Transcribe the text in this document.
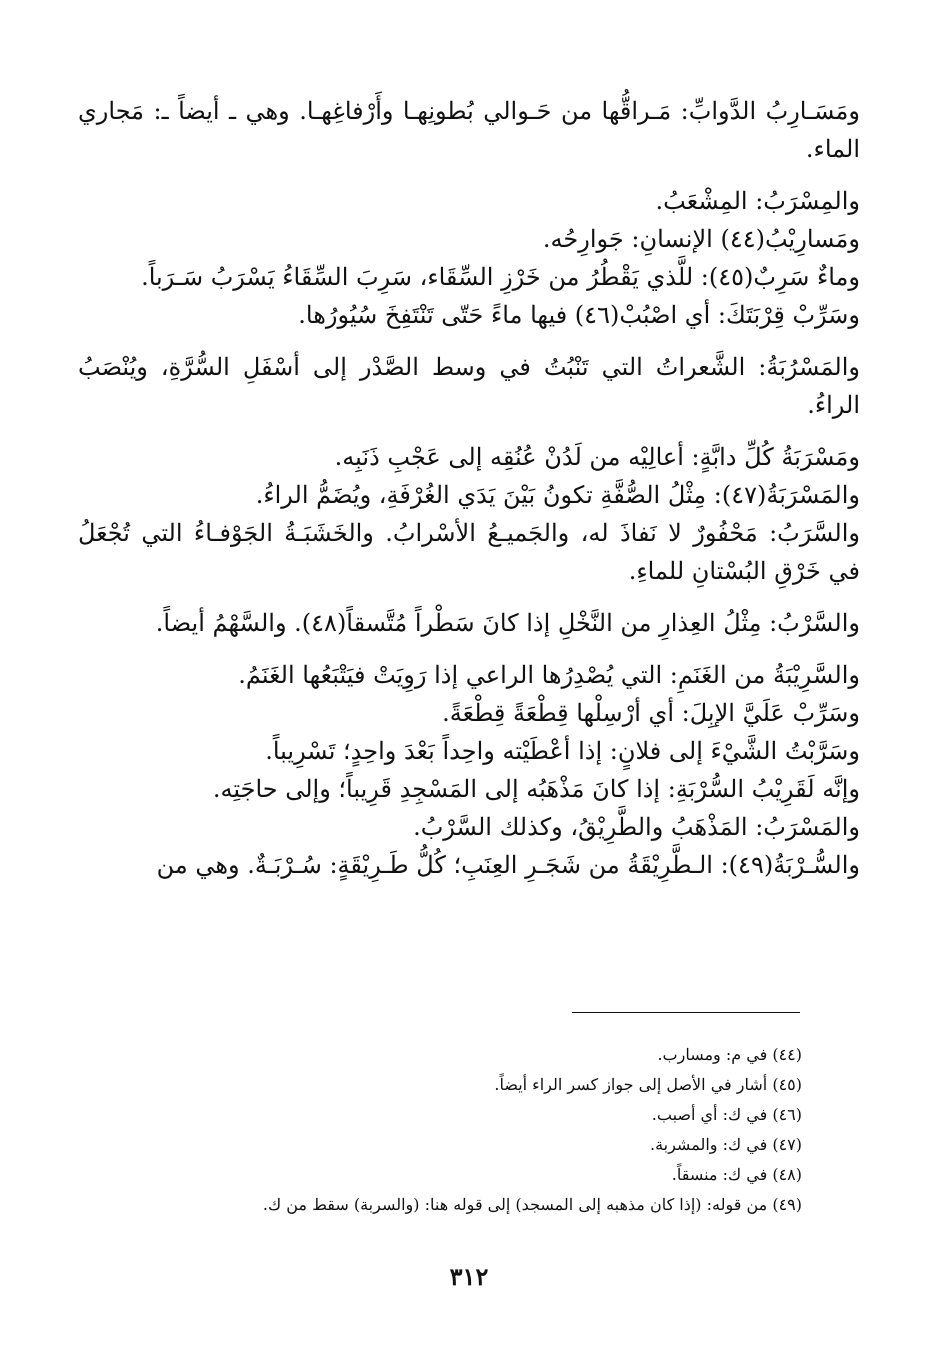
ومَسَـارِبُ الدَّوابِّ: مَـراقُّها من حَـوالي بُطونِهـا وأَرْفاغِهـا. وهي ـ أيضاً ـ: مَجاري الماء.

والمِسْرَبُ: المِشْعَبُ.

ومَسارِيْبُ(٤٤) الإنسانِ: جَوارِحُه.

وماءٌ سَرِبٌ(٤٥): للَّذي يَقْطُرُ من خَرْزِ السِّقَاء، سَرِبَ السِّقَاءُ يَسْرَبُ سَـرَباً.

وسَرِّبْ قِرْبَتَكَ: أي اصْبُبْ(٤٦) فيها ماءً حَتّى تَنْتَفِخَ سُيُورُها.

والمَسْرُبَةُ: الشَّعراتُ التي تَنْبُتُ في وسط الصَّدْر إلى أسْفَلِ السُّرَّةِ، ويُنْصَبُ الراءُ.

ومَسْرَبَةُ كُلِّ دابَّةٍ: أعالِيْه من لَدُنْ عُنُقِه إلى عَجْبِ ذَنَبِه.

والمَسْرَبَةُ(٤٧): مِثْلُ الصُّفَّةِ تكونُ بَيْنَ يَدَي الغُرْفَةِ، ويُضَمُّ الراءُ.

والسَّرَبُ: مَحْفُورٌ لا نَفاذَ له، والجَميـعُ الأسْرابُ. والخَشَبَـةُ الجَوْفـاءُ التي تُجْعَلُ في خَرْقِ البُسْتانِ للماءِ.

والسَّرْبُ: مِثْلُ العِذارِ من النَّخْلِ إذا كانَ سَطْراً مُتَّسقاً(٤٨). والسَّهْمُ أيضاً.

والسَّرِيْبَةُ من الغَنَمِ: التي يُصْدِرُها الراعي إذا رَوِيَتْ فيَتْبَعُها الغَنَمُ.

وسَرِّبْ عَلَيَّ الإبِلَ: أي أرْسِلْها قِطْعَةً قِطْعَةً.

وسَرَّبْتُ الشَّيْءَ إلى فلانٍ: إذا أعْطَيْته واحِداً بَعْدَ واحِدٍ؛ تَسْرِيباً.

وإنَّه لَقَرِيْبُ السُّرْبَةِ: إذا كانَ مَذْهَبُه إلى المَسْجِدِ قَرِيباً؛ وإلى حاجَتِه.

والمَسْرَبُ: المَذْهَبُ والطَّرِيْقُ، وكذلك السَّرْبُ.

والسُّـرْبَةُ(٤٩): الـطَّرِيْقَةُ من شَجَـرِ العِنَبِ؛ كُلُّ طَـرِيْقَةٍ: سُـرْبَـةٌ. وهي من

(٤٤) في م: ومسارب.

(٤٥) أشار في الأصل إلى جواز كسر الراء أيضاً.

(٤٦) في ك: أي أصبب.

(٤٧) في ك: والمشربة.

(٤٨) في ك: منسقاً.

(٤٩) من قوله: (إذا كان مذهبه إلى المسجد) إلى قوله هنا: (والسربة) سقط من ك.

٣١٢
